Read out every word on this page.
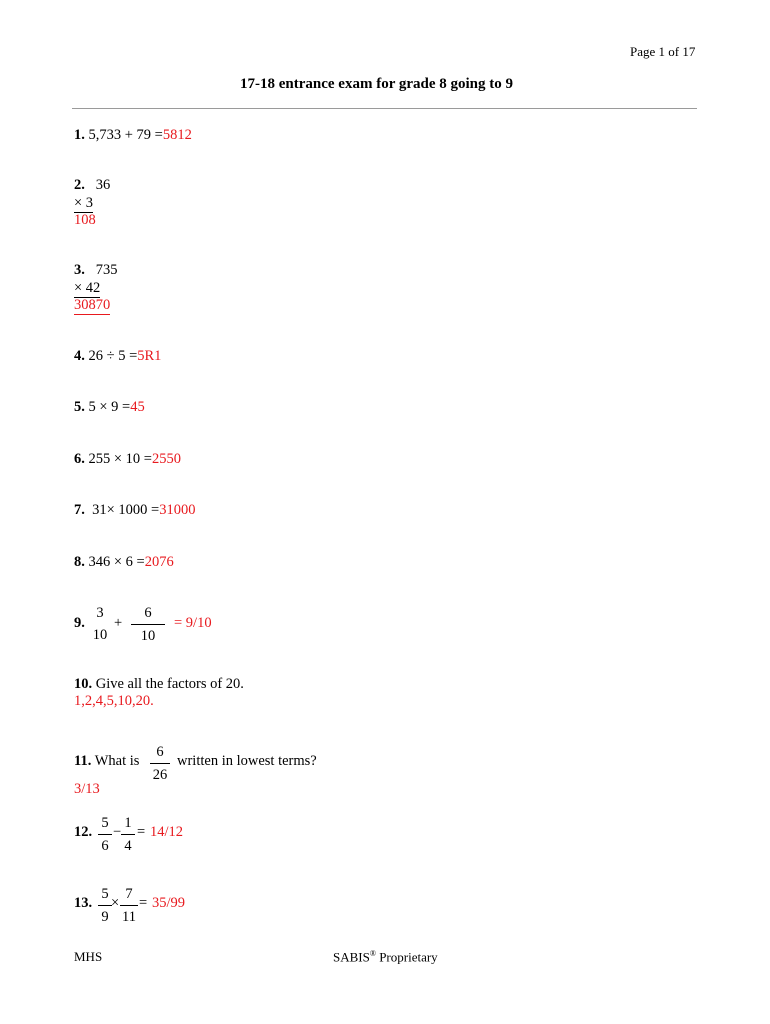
Page 1 of 17
17-18 entrance exam for grade 8 going to 9
1. 5,733 + 79 =5812
2. 36
× 3
108
3. 735
× 42
30870
4. 26 ÷ 5 =5R1
5. 5 × 9 =45
6. 255 × 10 =2550
7.  31× 1000 =31000
8. 346 × 6 =2076
9.
3
10
+
6
10
= 9/10
10. Give all the factors of 20.
1,2,4,5,10,20.
11. What is
6
26
written in lowest terms?
3/13
12.
5
6
−
1
4
= 14/12
13.
5
9
×
7
11
= 35/99
MHS	SABIS® Proprietary
